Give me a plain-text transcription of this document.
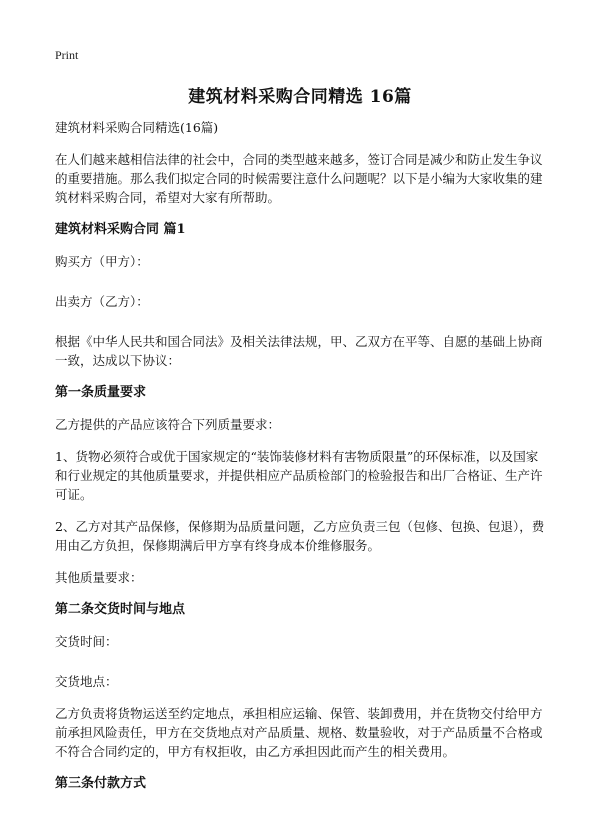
Print
建筑材料采购合同精选 16篇

建筑材料采购合同精选(16篇)

在人们越来越相信法律的社会中，合同的类型越来越多，签订合同是减少和防止发生争议的重要措施。那么我们拟定合同的时候需要注意什么问题呢？以下是小编为大家收集的建筑材料采购合同，希望对大家有所帮助。

建筑材料采购合同 篇1

购买方（甲方）：

出卖方（乙方）：

根据《中华人民共和国合同法》及相关法律法规，甲、乙双方在平等、自愿的基础上协商一致，达成以下协议：

第一条质量要求

乙方提供的产品应该符合下列质量要求：

1、货物必须符合或优于国家规定的“装饰装修材料有害物质限量”的环保标准，以及国家和行业规定的其他质量要求，并提供相应产品质检部门的检验报告和出厂合格证、生产许可证。

2、乙方对其产品保修，保修期为品质量问题，乙方应负责三包（包修、包换、包退），费用由乙方负担，保修期满后甲方享有终身成本价维修服务。

其他质量要求：

第二条交货时间与地点

交货时间：

交货地点：

乙方负责将货物运送至约定地点，承担相应运输、保管、装卸费用，并在货物交付给甲方前承担风险责任，甲方在交货地点对产品质量、规格、数量验收，对于产品质量不合格或不符合合同约定的，甲方有权拒收，由乙方承担因此而产生的相关费用。

第三条付款方式
